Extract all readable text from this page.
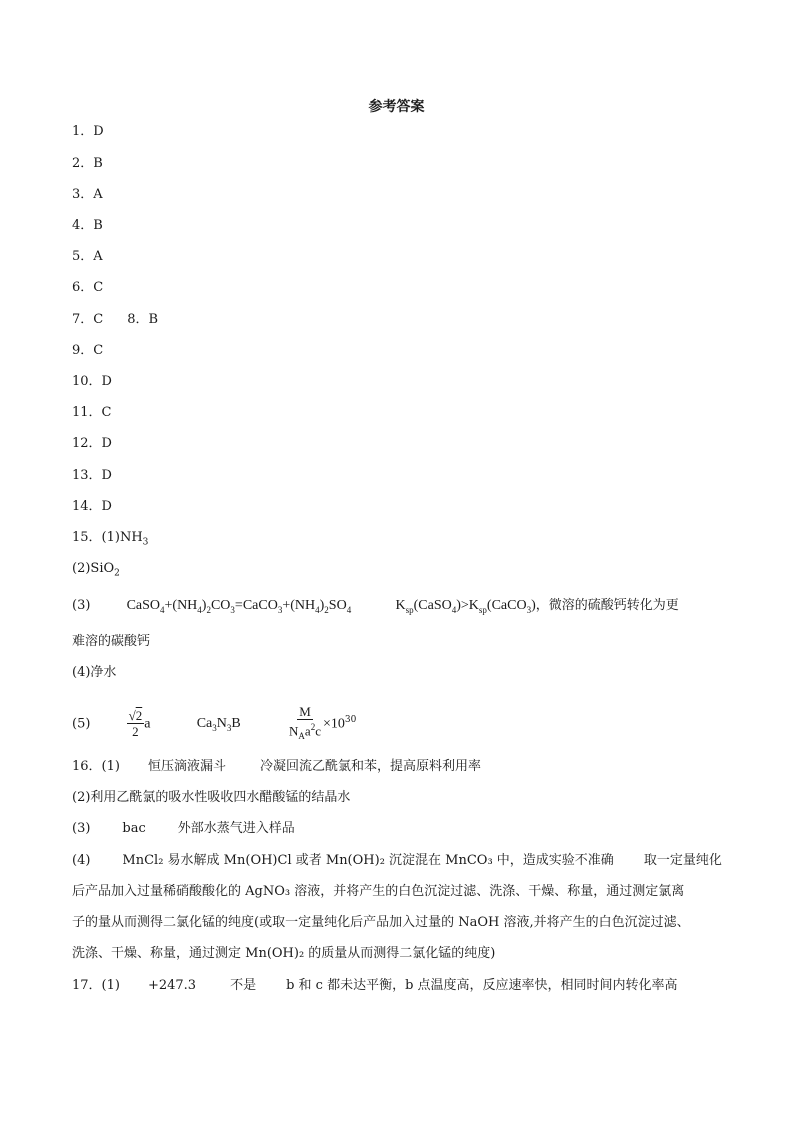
参考答案
1．D
2．B
3．A
4．B
5．A
6．C
7．C 8．B
9．C
10．D
11．C
12．D
13．D
14．D
15．$(1)NH_3$
(2)SiO$_2$
(3)	$CaSO_4+(NH_4)_2CO_3=CaCO_3+(NH_4)_2SO_4$	$K_{sp}(CaSO_4)>K_{sp}(CaCO_3)$，微溶的硫酸钙转化为更
难溶的碳酸钙
(4)净水
(5)	$\frac{√2}{2}$ a	$Ca_3N_3B$	$\frac{M}{N_Aa^2c} \times 10^{30}$
16．(1) 恒压滴液漏斗	冷凝回流乙酰氯和苯，提高原料利用率
(2)利用乙酰氯的吸水性吸收四水醋酸锰的结晶水
(3) bac 外部水蒸气进入样品
(4) MnCl₂ 易水解成 Mn(OH)Cl 或者 Mn(OH)₂ 沉淀混在 MnCO₃ 中，造成实验不准确 取一定量纯化
后产品加入过量稀硝酸酸化的 AgNO₃ 溶液，并将产生的白色沉淀过滤、洗涤、干燥、称量，通过测定氯离
子的量从而测得二氯化锰的纯度(或取一定量纯化后产品加入过量的 NaOH 溶液,并将产生的白色沉淀过滤、
洗涤、干燥、称量，通过测定 Mn(OH)₂ 的质量从而测得二氯化锰的纯度)
17．(1) +247.3	不是 b 和 c 都未达平衡，b 点温度高，反应速率快，相同时间内转化率高
